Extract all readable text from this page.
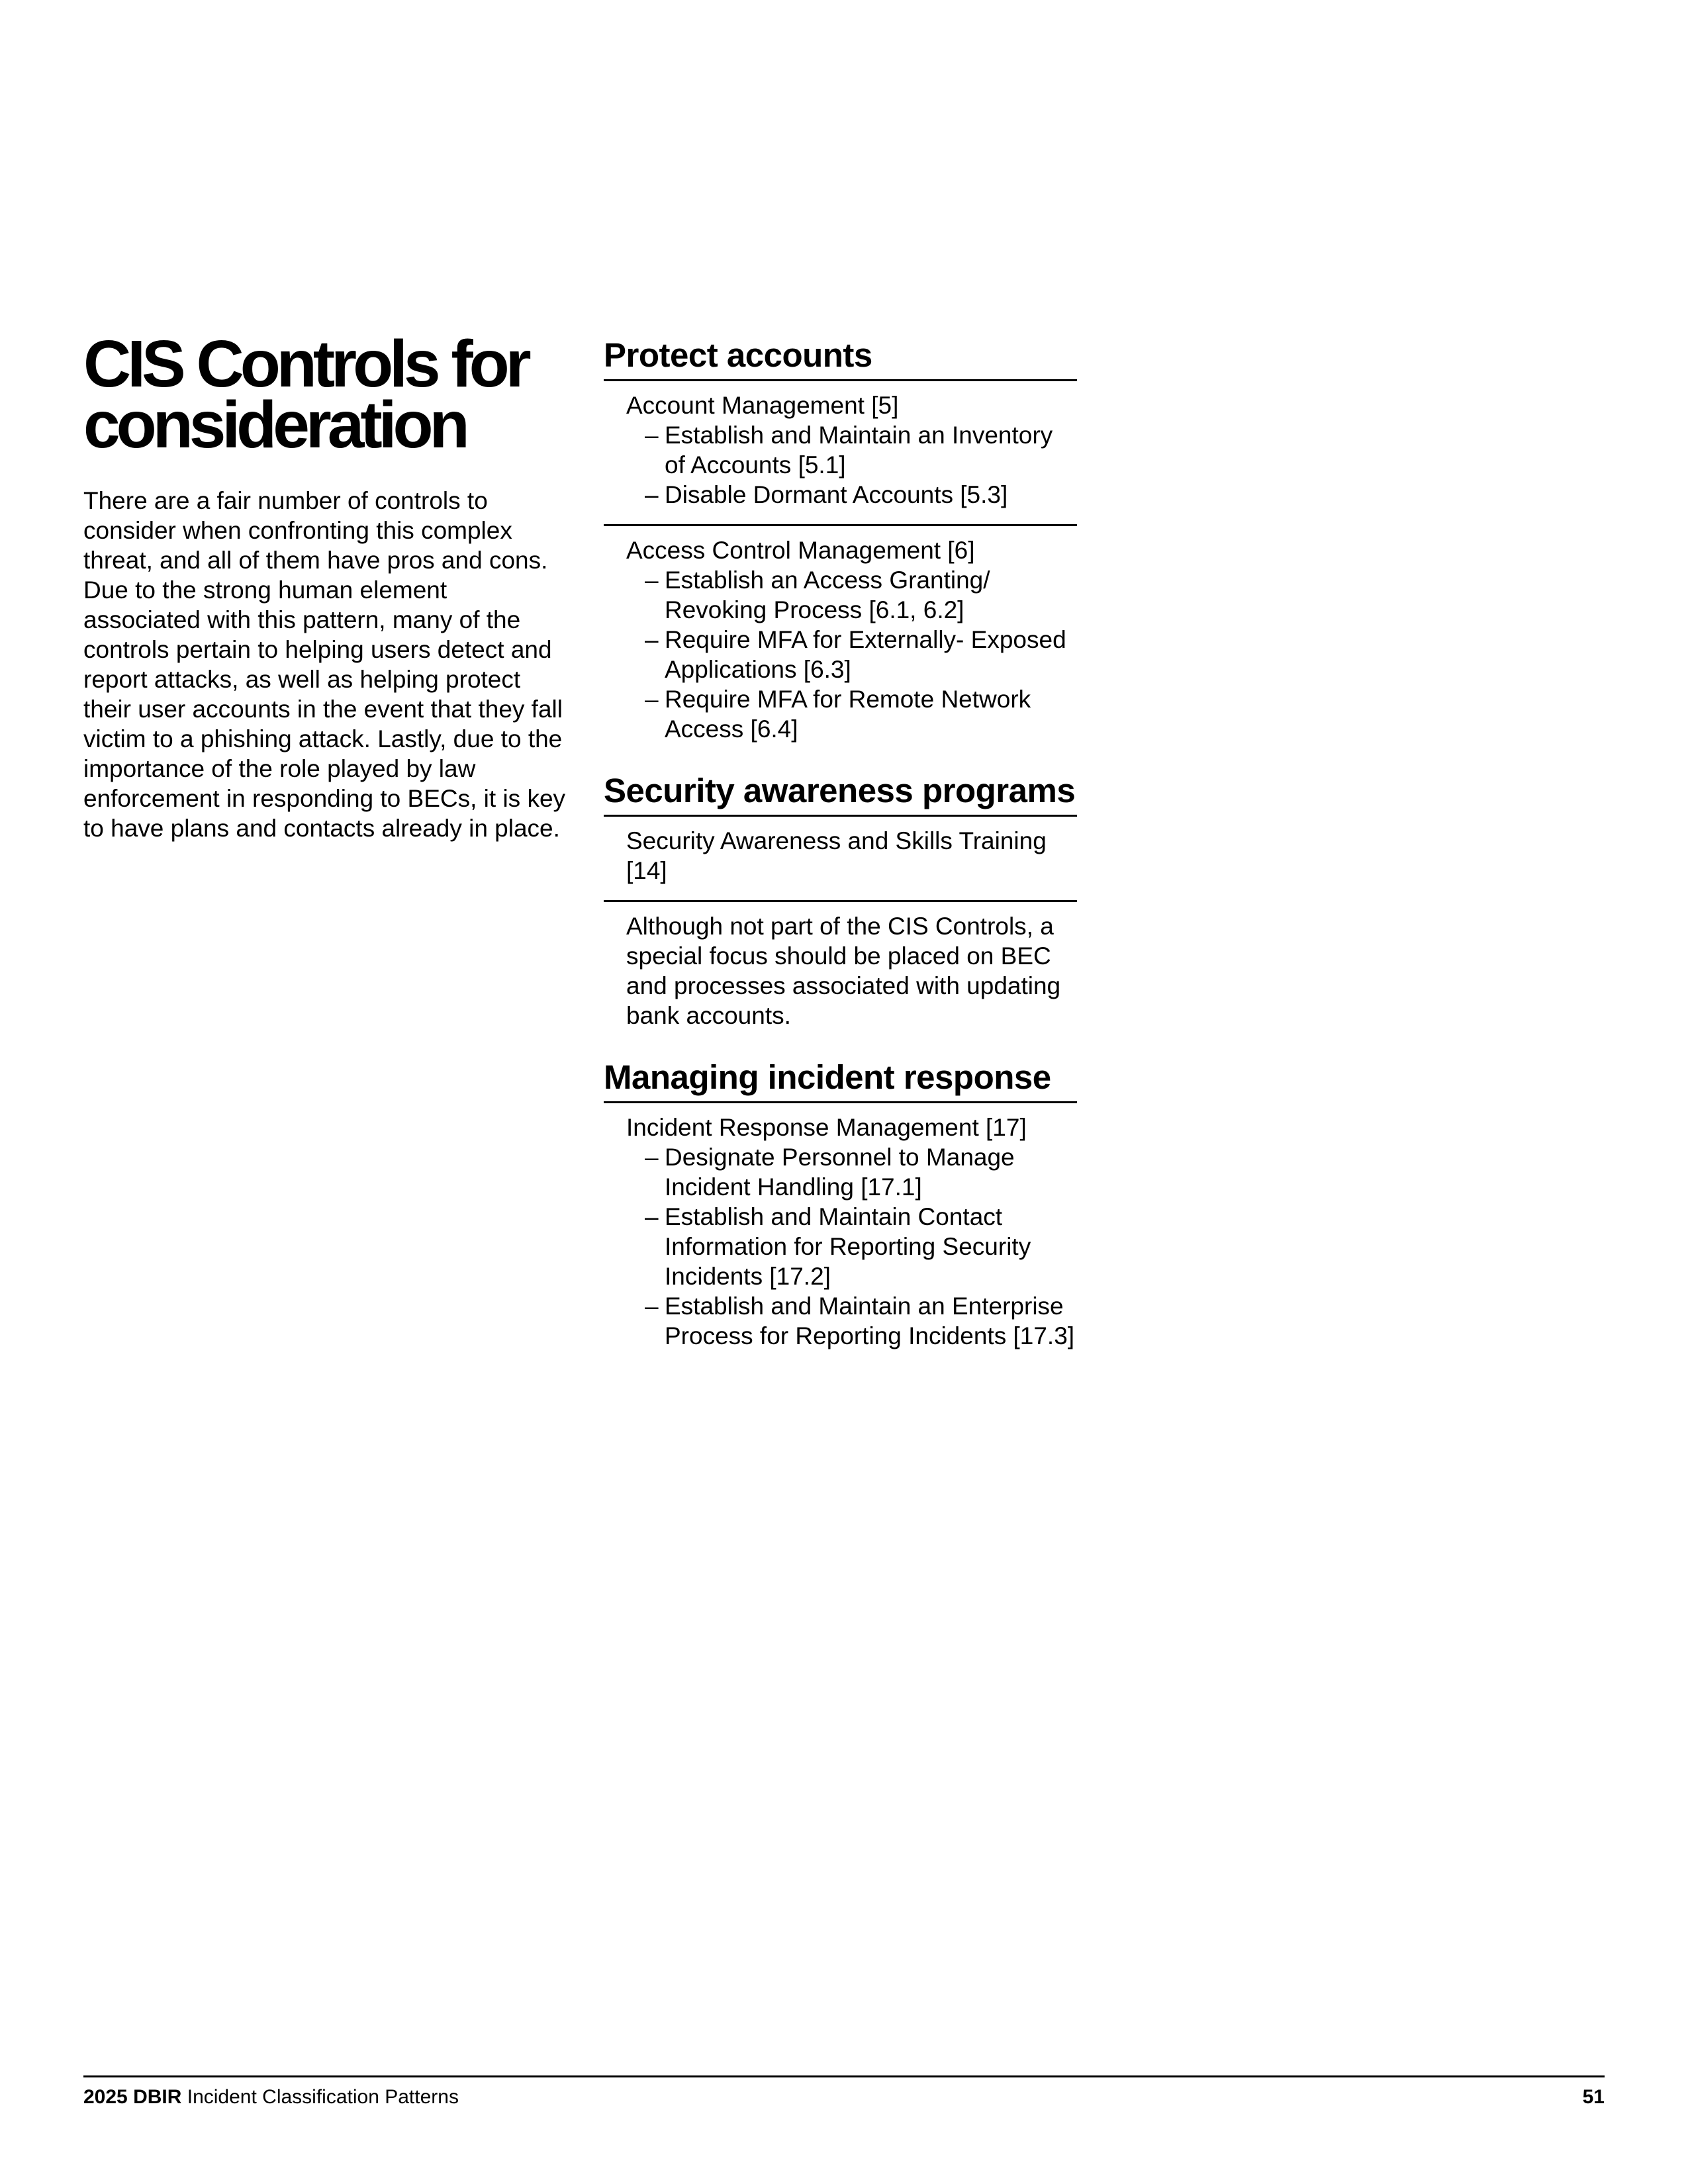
CIS Controls for consideration

There are a fair number of controls to consider when confronting this complex threat, and all of them have pros and cons. Due to the strong human element associated with this pattern, many of the controls pertain to helping users detect and report attacks, as well as helping protect their user accounts in the event that they fall victim to a phishing attack. Lastly, due to the importance of the role played by law enforcement in responding to BECs, it is key to have plans and contacts already in place.

Protect accounts

Account Management [5]

– Establish and Maintain an Inventory of Accounts [5.1]
– Disable Dormant Accounts [5.3]

Access Control Management [6]

– Establish an Access Granting/ Revoking Process [6.1, 6.2]
– Require MFA for Externally- Exposed Applications [6.3]
– Require MFA for Remote Network Access [6.4]
Security awareness programs

Security Awareness and Skills Training [14]

Although not part of the CIS Controls, a special focus should be placed on BEC and processes associated with updating bank accounts.

Managing incident response

Incident Response Management [17]

– Designate Personnel to Manage Incident Handling [17.1]
– Establish and Maintain Contact Information for Reporting Security Incidents [17.2]
– Establish and Maintain an Enterprise Process for Reporting Incidents [17.3]
2025 DBIR Incident Classification Patterns	51
